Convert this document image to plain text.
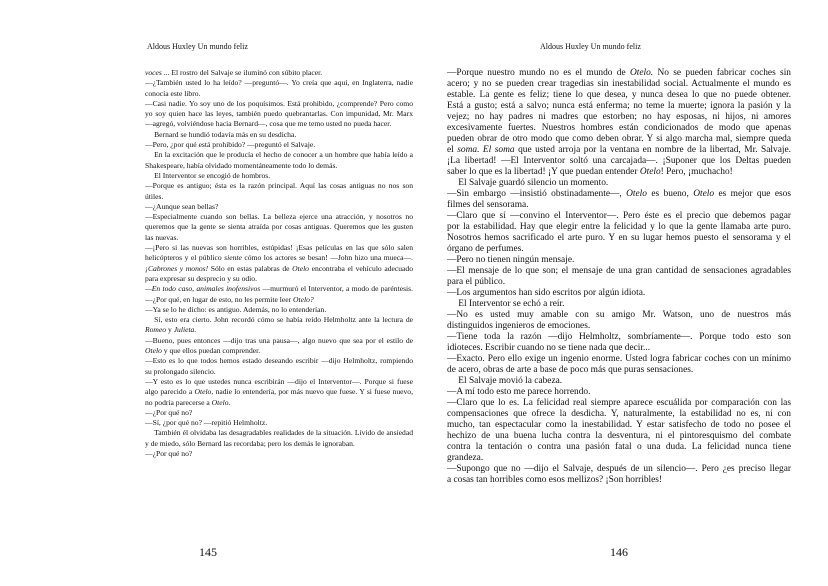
Aldous Huxley Un mundo feliz
voces ... El rostro del Salvaje se iluminó con súbito placer.
—¿También usted lo ha leído? —preguntó—. Yo creía que aquí, en Inglaterra, nadie
conocía este libro.
—Casi nadie. Yo soy uno de los poquísimos. Está prohibido, ¿comprende? Pero como
yo soy quien hace las leyes, también puedo quebrantarlas. Con impunidad, Mr. Marx
—agregó, volviéndose hacia Bernard—, cosa que me temo usted no pueda hacer.
Bernard se hundió todavía más en su desdicha.
—Pero, ¿por qué está prohibido? —preguntó el Salvaje.
En la excitación que le producía el hecho de conocer a un hombre que había leído a
Shakespeare, había olvidado momentáneamente todo lo demás.
El Interventor se encogió de hombros.
—Porque es antiguo; ésta es la razón principal. Aquí las cosas antiguas no nos son
útiles.
—¿Aunque sean bellas?
—Especialmente cuando son bellas. La belleza ejerce una atracción, y nosotros no
queremos que la gente se sienta atraída por cosas antiguas. Queremos que les gusten
las nuevas.
—¡Pero si las nuevas son horribles, estúpidas! ¡Esas películas en las que sólo salen
helicópteros y el público siente cómo los actores se besan! —John hizo una mueca—.
¡Cabrones y monos! Sólo en estas palabras de Otelo encontraba el vehículo adecuado
para expresar su desprecio y su odio.
—En todo caso, animales inofensivos —murmuró el Interventor, a modo de paréntesis.
—¿Por qué, en lugar de esto, no les permite leer Otelo?
—Ya se lo he dicho: es antiguo. Además, no lo entenderían.
Sí, esto era cierto. John recordó cómo se había reído Helmholtz ante la lectura de
Romeo y Julieta.
—Bueno, pues entonces —dijo tras una pausa—, algo nuevo que sea por el estilo de
Otelo y que ellos puedan comprender.
—Esto es lo que todos hemos estado deseando escribir —dijo Helmholtz, rompiendo
su prolongado silencio.
—Y esto es lo que ustedes nunca escribirán —dijo el Interventor—. Porque si fuese
algo parecido a Otelo, nadie lo entendería, por más nuevo que fuese. Y si fuese nuevo,
no podría parecerse a Otelo.
—¿Por qué no?
—Sí, ¿por qué no? —repitió Helmholtz.
También él olvidaba las desagradables realidades de la situación. Lívido de ansiedad
y de miedo, sólo Bernard las recordaba; pero los demás le ignoraban.
—¿Por qué no?
145
Aldous Huxley Un mundo feliz
—Porque nuestro mundo no es el mundo de Otelo. No se pueden fabricar coches sin
acero; y no se pueden crear tragedias sin inestabilidad social. Actualmente el mundo es
estable. La gente es feliz; tiene lo que desea, y nunca desea lo que no puede obtener.
Está a gusto; está a salvo; nunca está enferma; no teme la muerte; ignora la pasión y la
vejez; no hay padres ni madres que estorben; no hay esposas, ni hijos, ni amores
excesivamente fuertes. Nuestros hombres están condicionados de modo que apenas
pueden obrar de otro modo que como deben obrar. Y si algo marcha mal, siempre queda
el soma. El soma que usted arroja por la ventana en nombre de la libertad, Mr. Salvaje.
¡La libertad! —El Interventor soltó una carcajada—. ¡Suponer que los Deltas pueden
saber lo que es la libertad! ¡Y que puedan entender Otelo! Pero, ¡muchacho!
El Salvaje guardó silencio un momento.
—Sin embargo —insistió obstinadamente—, Otelo es bueno, Otelo es mejor que esos
filmes del sensorama.
—Claro que sí —convino el Interventor—. Pero éste es el precio que debemos pagar
por la estabilidad. Hay que elegir entre la felicidad y lo que la gente llamaba arte puro.
Nosotros hemos sacrificado el arte puro. Y en su lugar hemos puesto el sensorama y el
órgano de perfumes.
—Pero no tienen ningún mensaje.
—El mensaje de lo que son; el mensaje de una gran cantidad de sensaciones agradables
para el público.
—Los argumentos han sido escritos por algún idiota.
El Interventor se echó a reír.
—No es usted muy amable con su amigo Mr. Watson, uno de nuestros más
distinguidos ingenieros de emociones.
—Tiene toda la razón —dijo Helmholtz, sombríamente—. Porque todo esto son
idioteces. Escribir cuando no se tiene nada que decir...
—Exacto. Pero ello exige un ingenio enorme. Usted logra fabricar coches con un mínimo
de acero, obras de arte a base de poco más que puras sensaciones.
El Salvaje movió la cabeza.
—A mí todo esto me parece horrendo.
—Claro que lo es. La felicidad real siempre aparece escuálida por comparación con las
compensaciones que ofrece la desdicha. Y, naturalmente, la estabilidad no es, ni con
mucho, tan espectacular como la inestabilidad. Y estar satisfecho de todo no posee el
hechizo de una buena lucha contra la desventura, ni el pintoresquismo del combate
contra la tentación o contra una pasión fatal o una duda. La felicidad nunca tiene
grandeza.
—Supongo que no —dijo el Salvaje, después de un silencio—. Pero ¿es preciso llegar
a cosas tan horribles como esos mellizos? ¡Son horribles!
146
